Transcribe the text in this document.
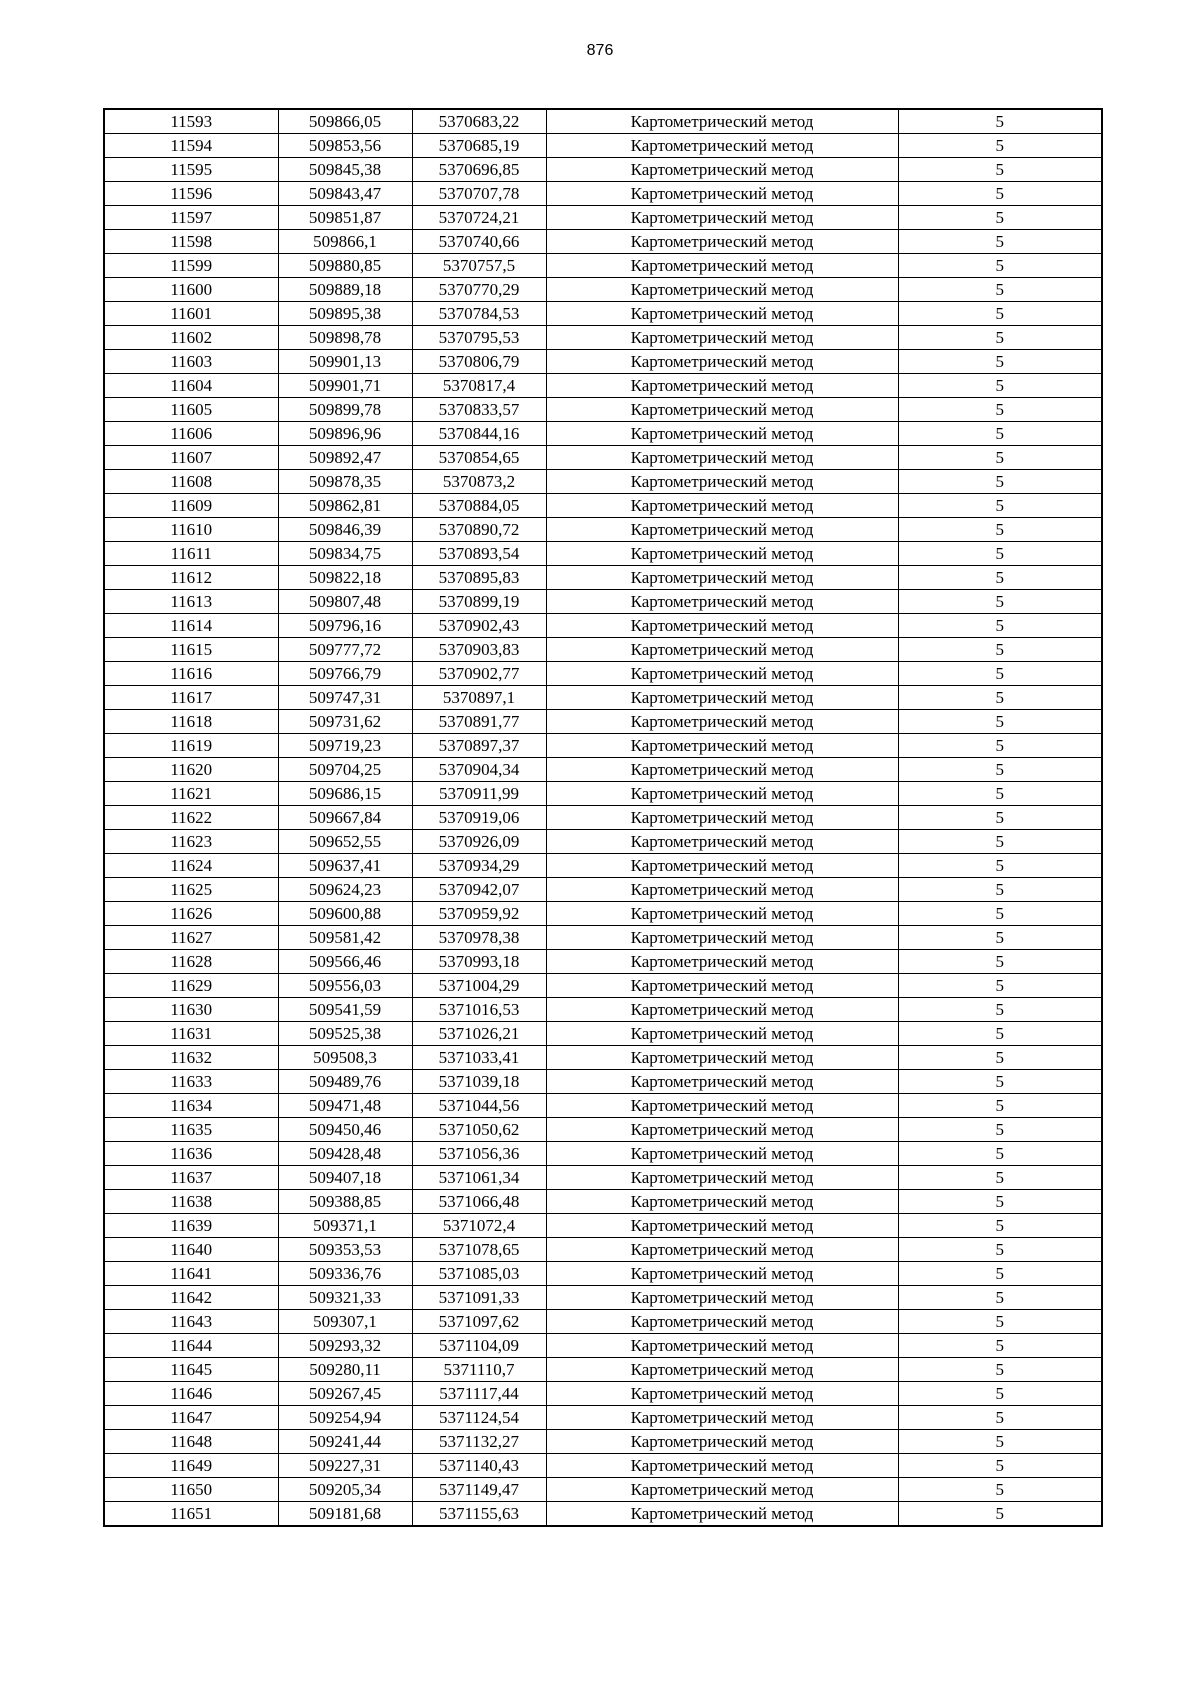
876
11593	509866,05	5370683,22	Картометрический метод	5
11594	509853,56	5370685,19	Картометрический метод	5
11595	509845,38	5370696,85	Картометрический метод	5
11596	509843,47	5370707,78	Картометрический метод	5
11597	509851,87	5370724,21	Картометрический метод	5
11598	509866,1	5370740,66	Картометрический метод	5
11599	509880,85	5370757,5	Картометрический метод	5
11600	509889,18	5370770,29	Картометрический метод	5
11601	509895,38	5370784,53	Картометрический метод	5
11602	509898,78	5370795,53	Картометрический метод	5
11603	509901,13	5370806,79	Картометрический метод	5
11604	509901,71	5370817,4	Картометрический метод	5
11605	509899,78	5370833,57	Картометрический метод	5
11606	509896,96	5370844,16	Картометрический метод	5
11607	509892,47	5370854,65	Картометрический метод	5
11608	509878,35	5370873,2	Картометрический метод	5
11609	509862,81	5370884,05	Картометрический метод	5
11610	509846,39	5370890,72	Картометрический метод	5
11611	509834,75	5370893,54	Картометрический метод	5
11612	509822,18	5370895,83	Картометрический метод	5
11613	509807,48	5370899,19	Картометрический метод	5
11614	509796,16	5370902,43	Картометрический метод	5
11615	509777,72	5370903,83	Картометрический метод	5
11616	509766,79	5370902,77	Картометрический метод	5
11617	509747,31	5370897,1	Картометрический метод	5
11618	509731,62	5370891,77	Картометрический метод	5
11619	509719,23	5370897,37	Картометрический метод	5
11620	509704,25	5370904,34	Картометрический метод	5
11621	509686,15	5370911,99	Картометрический метод	5
11622	509667,84	5370919,06	Картометрический метод	5
11623	509652,55	5370926,09	Картометрический метод	5
11624	509637,41	5370934,29	Картометрический метод	5
11625	509624,23	5370942,07	Картометрический метод	5
11626	509600,88	5370959,92	Картометрический метод	5
11627	509581,42	5370978,38	Картометрический метод	5
11628	509566,46	5370993,18	Картометрический метод	5
11629	509556,03	5371004,29	Картометрический метод	5
11630	509541,59	5371016,53	Картометрический метод	5
11631	509525,38	5371026,21	Картометрический метод	5
11632	509508,3	5371033,41	Картометрический метод	5
11633	509489,76	5371039,18	Картометрический метод	5
11634	509471,48	5371044,56	Картометрический метод	5
11635	509450,46	5371050,62	Картометрический метод	5
11636	509428,48	5371056,36	Картометрический метод	5
11637	509407,18	5371061,34	Картометрический метод	5
11638	509388,85	5371066,48	Картометрический метод	5
11639	509371,1	5371072,4	Картометрический метод	5
11640	509353,53	5371078,65	Картометрический метод	5
11641	509336,76	5371085,03	Картометрический метод	5
11642	509321,33	5371091,33	Картометрический метод	5
11643	509307,1	5371097,62	Картометрический метод	5
11644	509293,32	5371104,09	Картометрический метод	5
11645	509280,11	5371110,7	Картометрический метод	5
11646	509267,45	5371117,44	Картометрический метод	5
11647	509254,94	5371124,54	Картометрический метод	5
11648	509241,44	5371132,27	Картометрический метод	5
11649	509227,31	5371140,43	Картометрический метод	5
11650	509205,34	5371149,47	Картометрический метод	5
11651	509181,68	5371155,63	Картометрический метод	5
